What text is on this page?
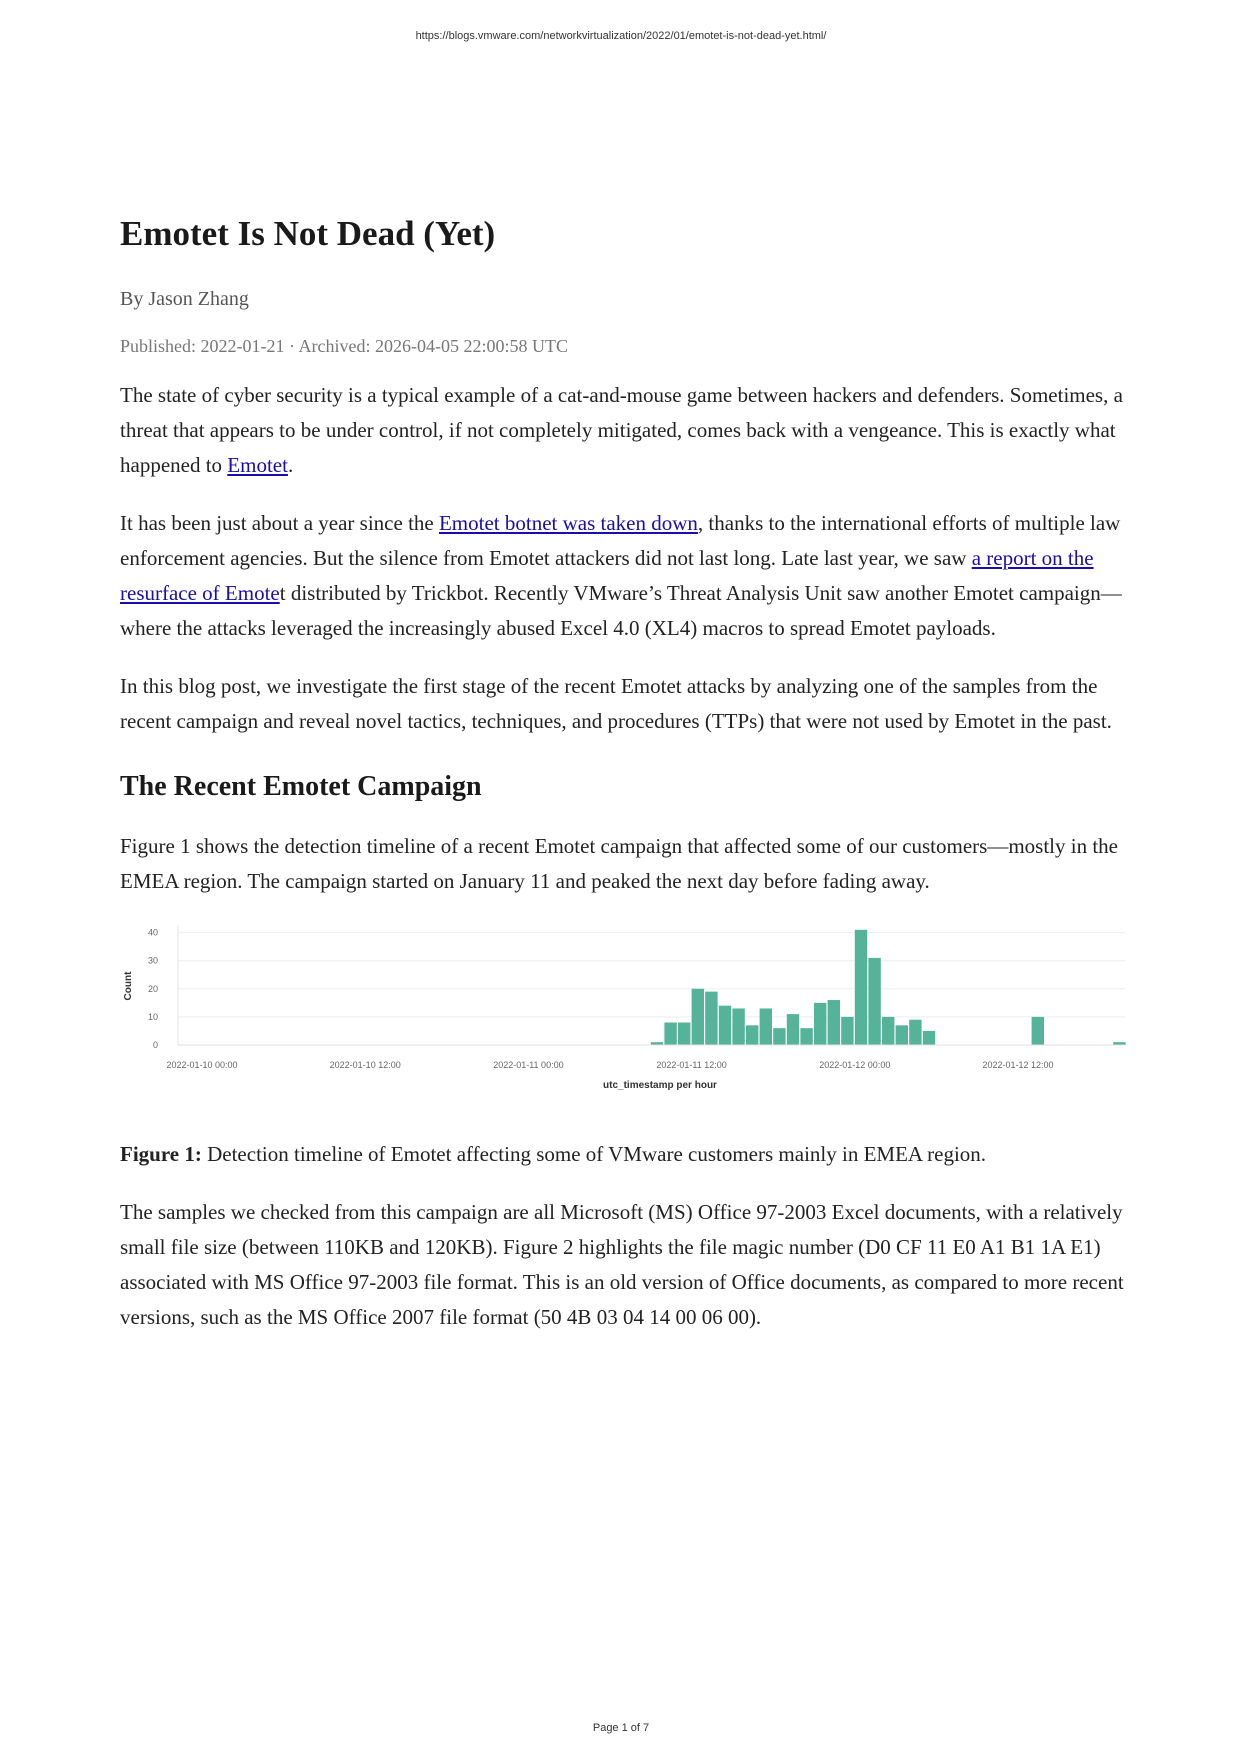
https://blogs.vmware.com/networkvirtualization/2022/01/emotet-is-not-dead-yet.html/
Emotet Is Not Dead (Yet)
By Jason Zhang
Published: 2022-01-21 · Archived: 2026-04-05 22:00:58 UTC

The state of cyber security is a typical example of a cat-and-mouse game between hackers and defenders. Sometimes, a threat that appears to be under control, if not completely mitigated, comes back with a vengeance. This is exactly what happened to Emotet.

It has been just about a year since the Emotet botnet was taken down, thanks to the international efforts of multiple law enforcement agencies. But the silence from Emotet attackers did not last long. Late last year, we saw a report on the resurface of Emotet distributed by Trickbot. Recently VMware’s Threat Analysis Unit saw another Emotet campaign—where the attacks leveraged the increasingly abused Excel 4.0 (XL4) macros to spread Emotet payloads.

In this blog post, we investigate the first stage of the recent Emotet attacks by analyzing one of the samples from the recent campaign and reveal novel tactics, techniques, and procedures (TTPs) that were not used by Emotet in the past.

The Recent Emotet Campaign

Figure 1 shows the detection timeline of a recent Emotet campaign that affected some of our customers—mostly in the EMEA region. The campaign started on January 11 and peaked the next day before fading away.

0
10
20
30
40
2022-01-10 00:00	2022-01-10 12:00	2022-01-11 00:00	2022-01-11 12:00	2022-01-12 00:00	2022-01-12 12:00
utc_timestamp per hour
Count

Figure 1: Detection timeline of Emotet affecting some of VMware customers mainly in EMEA region.

The samples we checked from this campaign are all Microsoft (MS) Office 97-2003 Excel documents, with a relatively small file size (between 110KB and 120KB). Figure 2 highlights the file magic number (D0 CF 11 E0 A1 B1 1A E1) associated with MS Office 97-2003 file format. This is an old version of Office documents, as compared to more recent versions, such as the MS Office 2007 file format (50 4B 03 04 14 00 06 00).

Page 1 of 7
